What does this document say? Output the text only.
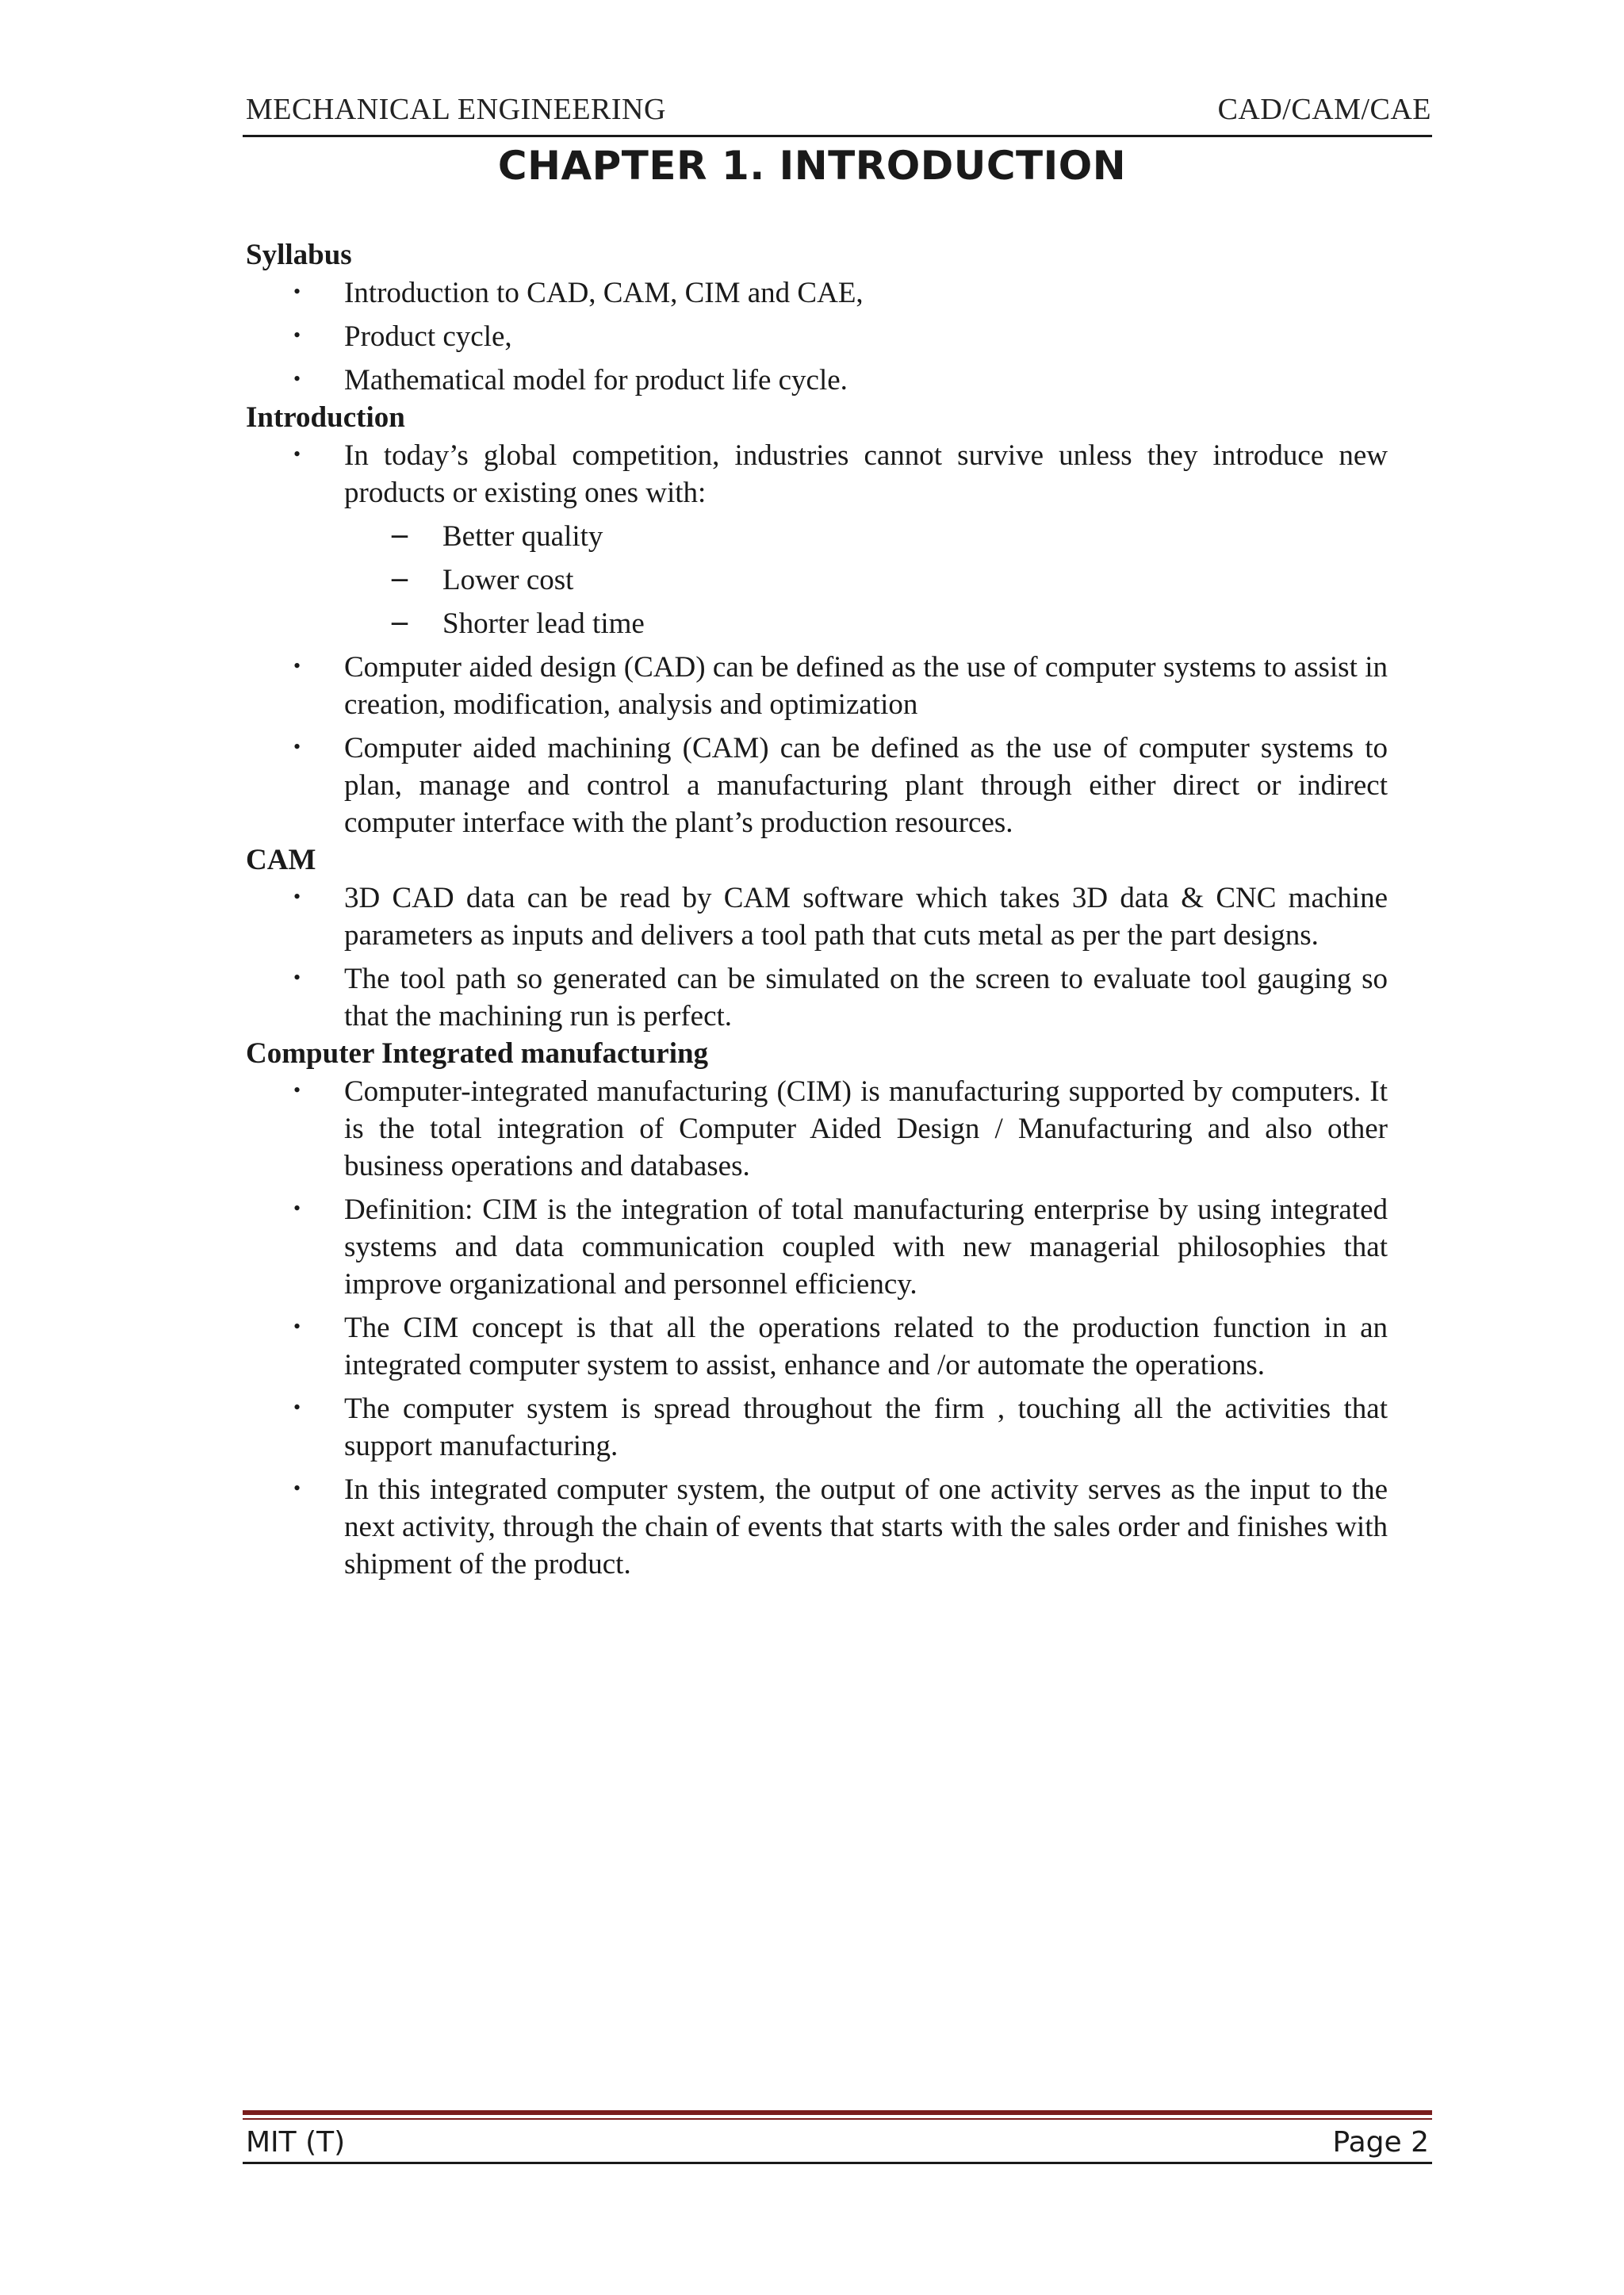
MECHANICAL ENGINEERING	CAD/CAM/CAE
CHAPTER 1. INTRODUCTION

Syllabus

• Introduction to CAD, CAM, CIM and CAE,
• Product cycle,
• Mathematical model for product life cycle.

Introduction

• In today’s global competition, industries cannot survive unless they introduce new products or existing ones with:
– Better quality
– Lower cost
– Shorter lead time
• Computer aided design (CAD) can be defined as the use of computer systems to assist in creation, modification, analysis and optimization
• Computer aided machining (CAM) can be defined as the use of computer systems to plan, manage and control a manufacturing plant through either direct or indirect computer interface with the plant’s production resources.

CAM

• 3D CAD data can be read by CAM software which takes 3D data & CNC machine parameters as inputs and delivers a tool path that cuts metal as per the part designs.
• The tool path so generated can be simulated on the screen to evaluate tool gauging so that the machining run is perfect.

Computer Integrated manufacturing

• Computer-integrated manufacturing (CIM) is manufacturing supported by computers. It is the total integration of Computer Aided Design / Manufacturing and also other business operations and databases.
• Definition: CIM is the integration of total manufacturing enterprise by using integrated systems and data communication coupled with new managerial philosophies that improve organizational and personnel efficiency.
• The CIM concept is that all the operations related to the production function in an integrated computer system to assist, enhance and /or automate the operations.
• The computer system is spread throughout the firm , touching all the activities that support manufacturing.
• In this integrated computer system, the output of one activity serves as the input to the next activity, through the chain of events that starts with the sales order and finishes with shipment of the product.
MIT (T)	Page 2
